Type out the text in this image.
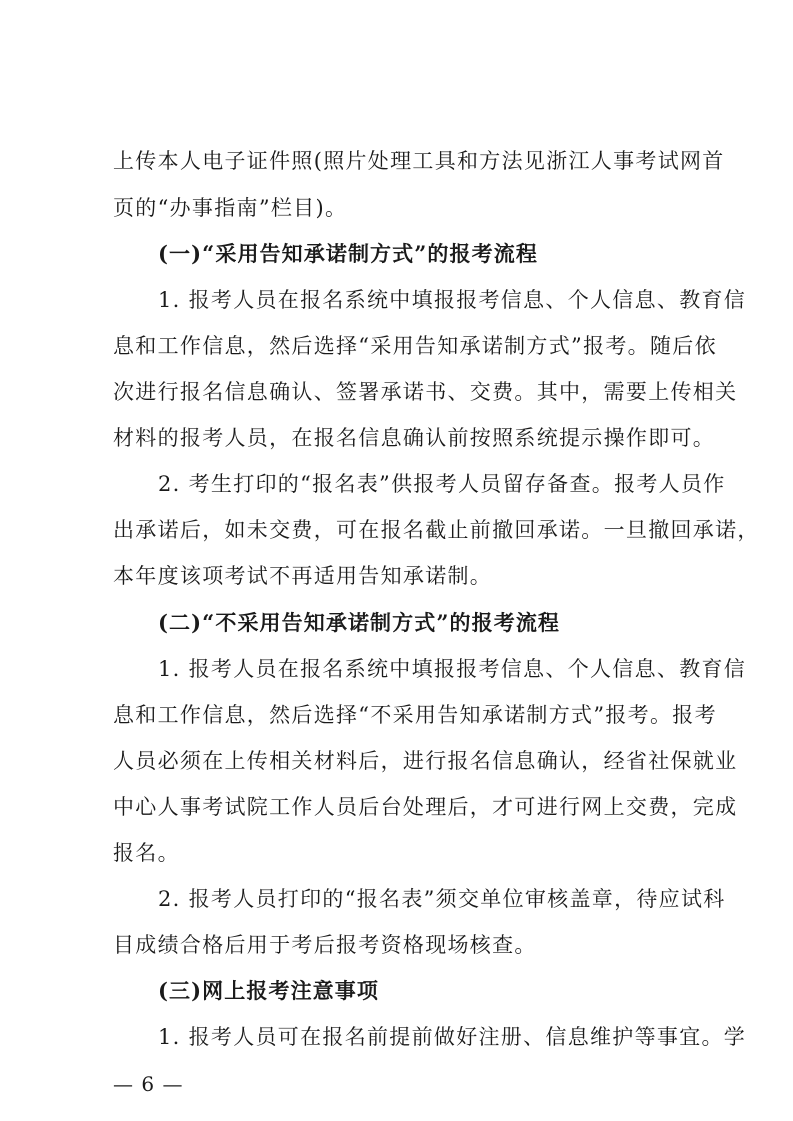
上传本人电子证件照(照片处理工具和方法见浙江人事考试网首
页的“办事指南”栏目)。
(一)“采用告知承诺制方式”的报考流程
1. 报考人员在报名系统中填报报考信息、个人信息、教育信
息和工作信息，然后选择“采用告知承诺制方式”报考。随后依
次进行报名信息确认、签署承诺书、交费。其中，需要上传相关
材料的报考人员，在报名信息确认前按照系统提示操作即可。
2. 考生打印的“报名表”供报考人员留存备查。报考人员作
出承诺后，如未交费，可在报名截止前撤回承诺。一旦撤回承诺，
本年度该项考试不再适用告知承诺制。
(二)“不采用告知承诺制方式”的报考流程
1. 报考人员在报名系统中填报报考信息、个人信息、教育信
息和工作信息，然后选择“不采用告知承诺制方式”报考。报考
人员必须在上传相关材料后，进行报名信息确认，经省社保就业
中心人事考试院工作人员后台处理后，才可进行网上交费，完成
报名。
2. 报考人员打印的“报名表”须交单位审核盖章，待应试科
目成绩合格后用于考后报考资格现场核查。
(三)网上报考注意事项
1. 报考人员可在报名前提前做好注册、信息维护等事宜。学
— 6 —
